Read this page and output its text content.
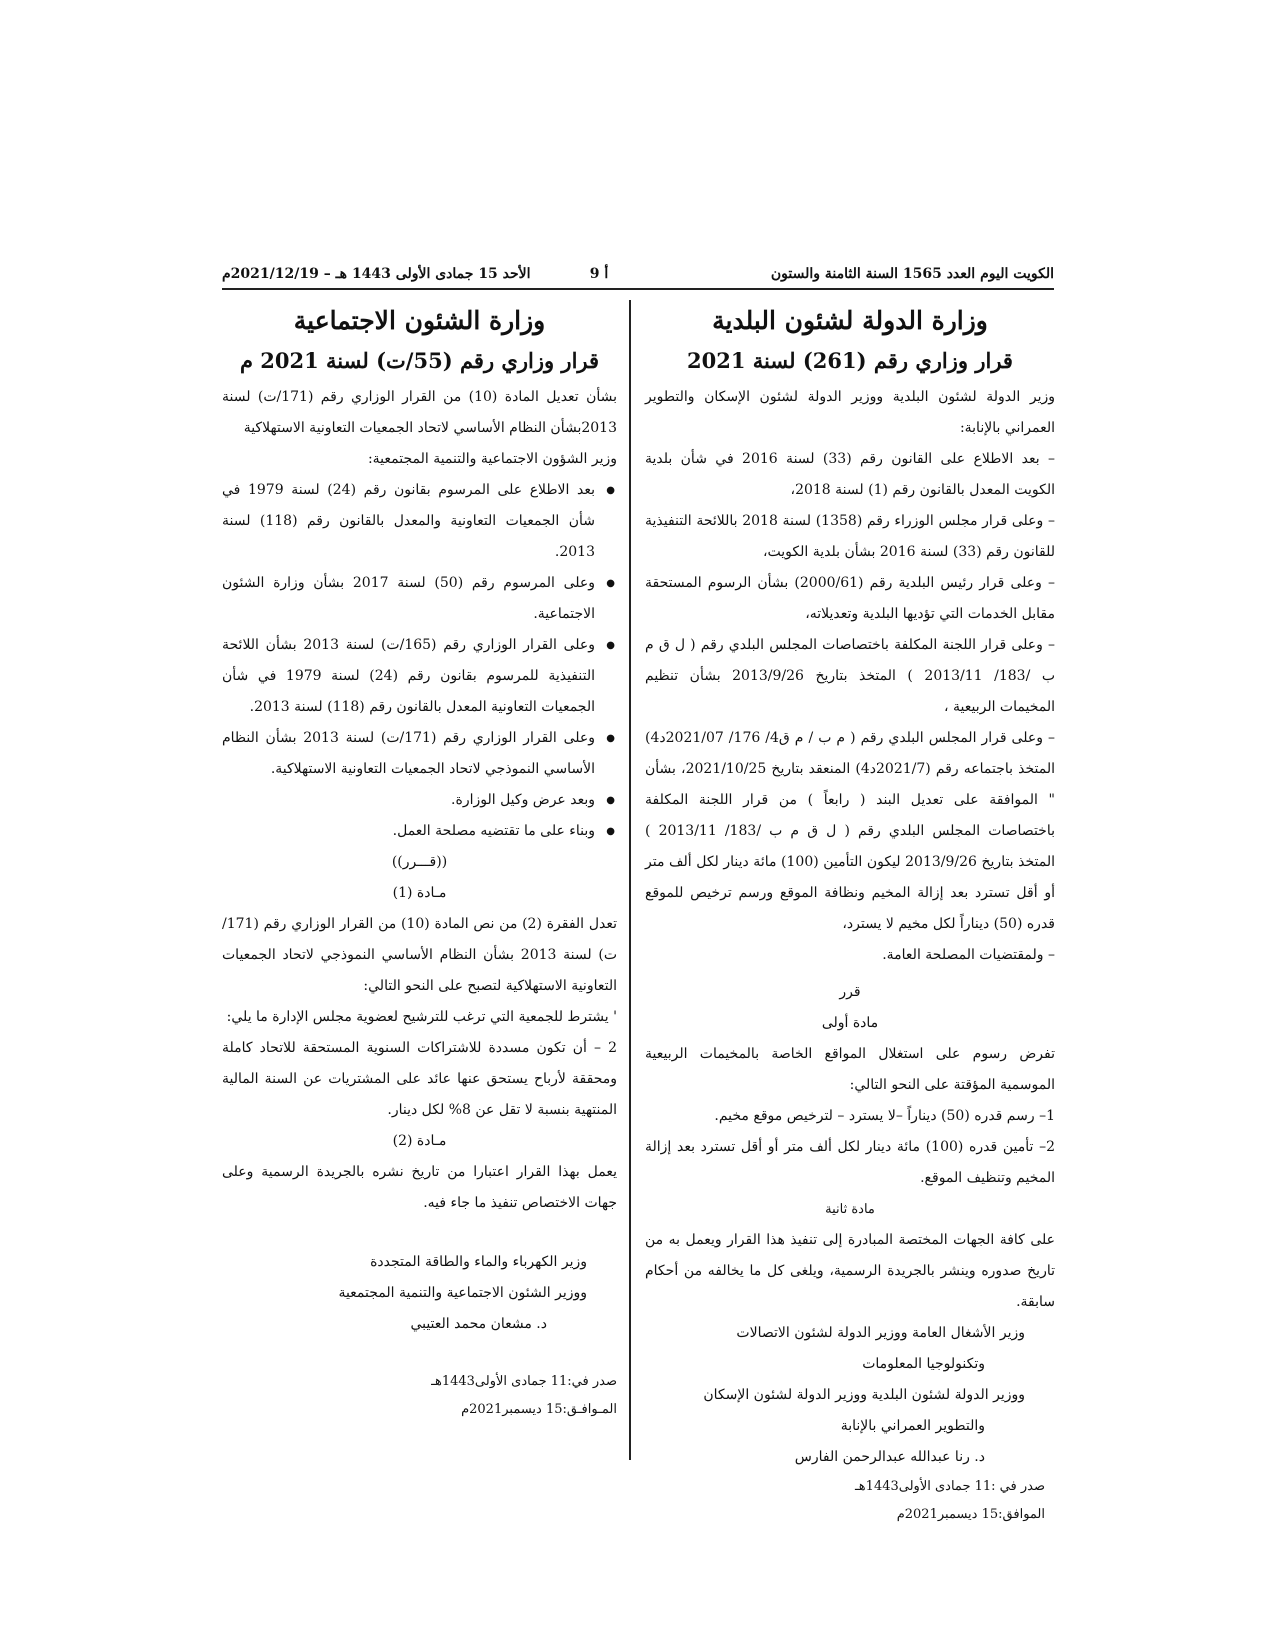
الكويت اليوم العدد 1565 السنة الثامنة والستون
أ 9
الأحد 15 جمادى الأولى 1443 هـ – 2021/12/19م
وزارة الدولة لشئون البلدية
قرار وزاري رقم (261) لسنة 2021

وزير الدولة لشئون البلدية ووزير الدولة لشئون الإسكان والتطوير العمراني بالإنابة:

– بعد الاطلاع على القانون رقم (33) لسنة 2016 في شأن بلدية الكويت المعدل بالقانون رقم (1) لسنة 2018،

– وعلى قرار مجلس الوزراء رقم (1358) لسنة 2018 باللائحة التنفيذية للقانون رقم (33) لسنة 2016 بشأن بلدية الكويت،

– وعلى قرار رئيس البلدية رقم (2000/61) بشأن الرسوم المستحقة مقابل الخدمات التي تؤديها البلدية وتعديلاته،

– وعلى قرار اللجنة المكلفة باختصاصات المجلس البلدي رقم ( ل ق م ب /183/ 2013/11 ) المتخذ بتاريخ 2013/9/26 بشأن تنظيم المخيمات الربيعية ،

– وعلى قرار المجلس البلدي رقم ( م ب / م ق4/ 176/ 2021/07د4) المتخذ باجتماعه رقم (2021/7د4) المنعقد بتاريخ 2021/10/25، بشأن " الموافقة على تعديل البند ( رابعاً ) من قرار اللجنة المكلفة باختصاصات المجلس البلدي رقم ( ل ق م ب /183/ 2013/11 ) المتخذ بتاريخ 2013/9/26 ليكون التأمين (100) مائة دينار لكل ألف متر أو أقل تسترد بعد إزالة المخيم ونظافة الموقع ورسم ترخيص للموقع قدره (50) ديناراً لكل مخيم لا يسترد،

– ولمقتضيات المصلحة العامة.

قرر
مادة أولى

تفرض رسوم على استغلال المواقع الخاصة بالمخيمات الربيعية الموسمية المؤقتة على النحو التالي:

1– رسم قدره (50) ديناراً –لا يسترد – لترخيص موقع مخيم.

2– تأمين قدره (100) مائة دينار لكل ألف متر أو أقل تسترد بعد إزالة المخيم وتنظيف الموقع.

مادة ثانية

على كافة الجهات المختصة المبادرة إلى تنفيذ هذا القرار ويعمل به من تاريخ صدوره وينشر بالجريدة الرسمية، ويلغى كل ما يخالفه من أحكام سابقة.

وزير الأشغال العامة ووزير الدولة لشئون الاتصالات
وتكنولوجيا المعلومات
ووزير الدولة لشئون البلدية ووزير الدولة لشئون الإسكان
والتطوير العمراني بالإنابة
د. رنا عبدالله عبدالرحمن الفارس
صدر في :11 جمادى الأولى1443هـ
الموافق:15 ديسمبر2021م
وزارة الشئون الاجتماعية
قرار وزاري رقم (55/ت) لسنة 2021 م

بشأن تعديل المادة (10) من القرار الوزاري رقم (171/ت) لسنة 2013بشأن النظام الأساسي لاتحاد الجمعيات التعاونية الاستهلاكية

وزير الشؤون الاجتماعية والتنمية المجتمعية:

● بعد الاطلاع على المرسوم بقانون رقم (24) لسنة 1979 في شأن الجمعيات التعاونية والمعدل بالقانون رقم (118) لسنة 2013.

● وعلى المرسوم رقم (50) لسنة 2017 بشأن وزارة الشئون الاجتماعية.

● وعلى القرار الوزاري رقم (165/ت) لسنة 2013 بشأن اللائحة التنفيذية للمرسوم بقانون رقم (24) لسنة 1979 في شأن الجمعيات التعاونية المعدل بالقانون رقم (118) لسنة 2013.

● وعلى القرار الوزاري رقم (171/ت) لسنة 2013 بشأن النظام الأساسي النموذجي لاتحاد الجمعيات التعاونية الاستهلاكية.

● وبعد عرض وكيل الوزارة.

● وبناء على ما تقتضيه مصلحة العمل.

((قـــرر))
مـادة (1)

تعدل الفقرة (2) من نص المادة (10) من القرار الوزاري رقم (171/ت) لسنة 2013 بشأن النظام الأساسي النموذجي لاتحاد الجمعيات التعاونية الاستهلاكية لتصبح على النحو التالي:

' يشترط للجمعية التي ترغب للترشيح لعضوية مجلس الإدارة ما يلي:

2 – أن تكون مسددة للاشتراكات السنوية المستحقة للاتحاد كاملة ومحققة لأرباح يستحق عنها عائد على المشتريات عن السنة المالية المنتهية بنسبة لا تقل عن 8% لكل دينار.

مـادة (2)

يعمل بهذا القرار اعتبارا من تاريخ نشره بالجريدة الرسمية وعلى جهات الاختصاص تنفيذ ما جاء فيه.

وزير الكهرباء والماء والطاقة المتجددة
ووزير الشئون الاجتماعية والتنمية المجتمعية
د. مشعان محمد العتيبي
صدر في:11 جمادى الأولى1443هـ
المـوافـق:15 ديسمبر2021م
